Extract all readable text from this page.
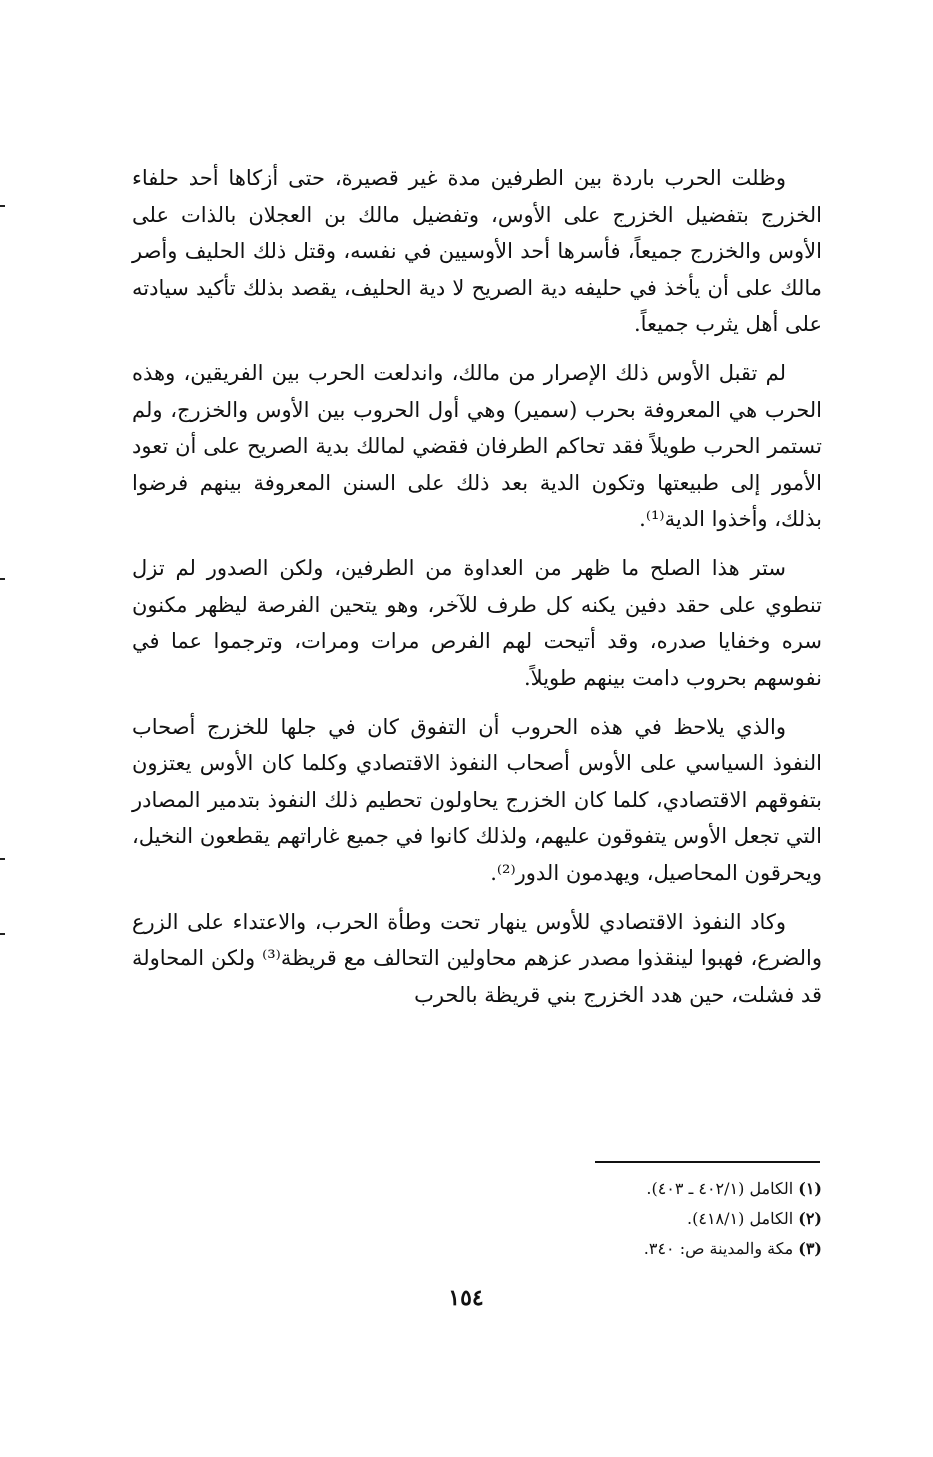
وظلت الحرب باردة بين الطرفين مدة غير قصيرة، حتى أزكاها أحد حلفاء الخزرج بتفضيل الخزرج على الأوس، وتفضيل مالك بن العجلان بالذات على الأوس والخزرج جميعاً، فأسرها أحد الأوسيين في نفسه، وقتل ذلك الحليف وأصر مالك على أن يأخذ في حليفه دية الصريح لا دية الحليف، يقصد بذلك تأكيد سيادته على أهل يثرب جميعاً.

لم تقبل الأوس ذلك الإصرار من مالك، واندلعت الحرب بين الفريقين، وهذه الحرب هي المعروفة بحرب (سمير) وهي أول الحروب بين الأوس والخزرج، ولم تستمر الحرب طويلاً فقد تحاكم الطرفان فقضي لمالك بدية الصريح على أن تعود الأمور إلى طبيعتها وتكون الدية بعد ذلك على السنن المعروفة بينهم فرضوا بذلك، وأخذوا الدية⁽¹⁾.

ستر هذا الصلح ما ظهر من العداوة من الطرفين، ولكن الصدور لم تزل تنطوي على حقد دفين يكنه كل طرف للآخر، وهو يتحين الفرصة ليظهر مكنون سره وخفايا صدره، وقد أتيحت لهم الفرص مرات ومرات، وترجموا عما في نفوسهم بحروب دامت بينهم طويلاً.

والذي يلاحظ في هذه الحروب أن التفوق كان في جلها للخزرج أصحاب النفوذ السياسي على الأوس أصحاب النفوذ الاقتصادي وكلما كان الأوس يعتزون بتفوقهم الاقتصادي، كلما كان الخزرج يحاولون تحطيم ذلك النفوذ بتدمير المصادر التي تجعل الأوس يتفوقون عليهم، ولذلك كانوا في جميع غاراتهم يقطعون النخيل، ويحرقون المحاصيل، ويهدمون الدور⁽²⁾.

وكاد النفوذ الاقتصادي للأوس ينهار تحت وطأة الحرب، والاعتداء على الزرع والضرع، فهبوا لينقذوا مصدر عزهم محاولين التحالف مع قريظة⁽³⁾ ولكن المحاولة قد فشلت، حين هدد الخزرج بني قريظة بالحرب

(١) الكامل (٤٠٢/١ ـ ٤٠٣).
(٢) الكامل (٤١٨/١).
(٣) مكة والمدينة ص: ٣٤٠.
١٥٤
